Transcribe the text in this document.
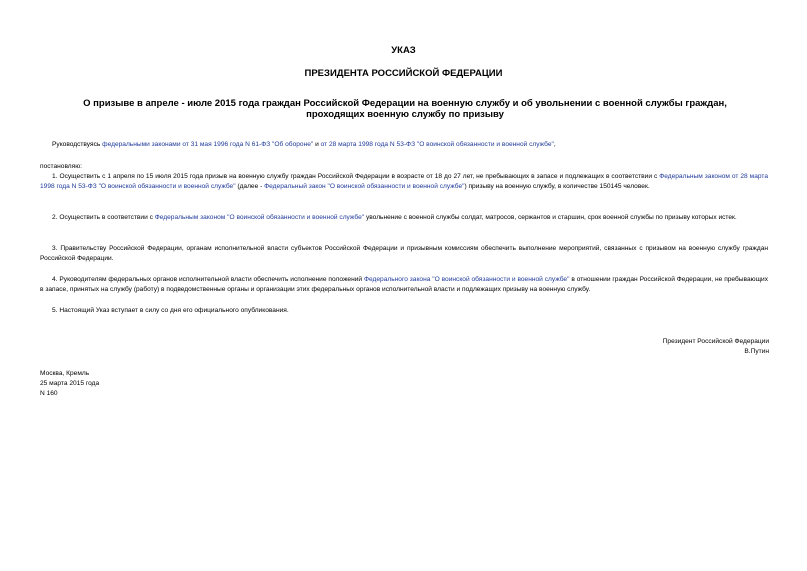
УКАЗ
ПРЕЗИДЕНТА РОССИЙСКОЙ ФЕДЕРАЦИИ
О призыве в апреле - июле 2015 года граждан Российской Федерации на военную службу и об увольнении с военной службы граждан, проходящих военную службу по призыву
Руководствуясь федеральными законами от 31 мая 1996 года N 61-ФЗ "Об обороне" и от 28 марта 1998 года N 53-ФЗ "О воинской обязанности и военной службе",
постановляю:
1. Осуществить с 1 апреля по 15 июля 2015 года призыв на военную службу граждан Российской Федерации в возрасте от 18 до 27 лет, не пребывающих в запасе и подлежащих в соответствии с Федеральным законом от 28 марта 1998 года N 53-ФЗ "О воинской обязанности и военной службе" (далее - Федеральный закон "О воинской обязанности и военной службе") призыву на военную службу, в количестве 150145 человек.
2. Осуществить в соответствии с Федеральным законом "О воинской обязанности и военной службе" увольнение с военной службы солдат, матросов, сержантов и старшин, срок военной службы по призыву которых истек.
3. Правительству Российской Федерации, органам исполнительной власти субъектов Российской Федерации и призывным комиссиям обеспечить выполнение мероприятий, связанных с призывом на военную службу граждан Российской Федерации.
4. Руководителям федеральных органов исполнительной власти обеспечить исполнение положений Федерального закона "О воинской обязанности и военной службе" в отношении граждан Российской Федерации, не пребывающих в запасе, принятых на службу (работу) в подведомственные органы и организации этих федеральных органов исполнительной власти и подлежащих призыву на военную службу.
5. Настоящий Указ вступает в силу со дня его официального опубликования.
Президент Российской Федерации
В.Путин
Москва, Кремль
25 марта 2015 года
N 160
